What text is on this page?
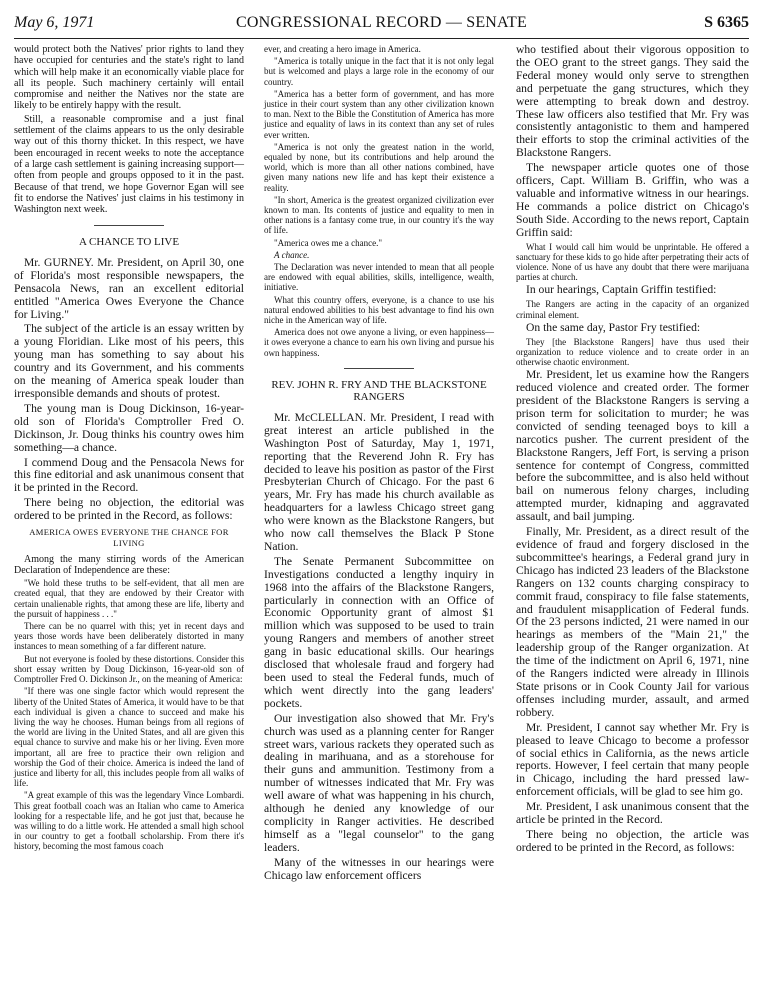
May 6, 1971	CONGRESSIONAL RECORD — SENATE	S 6365

would protect both the Natives' prior rights to land they have occupied for centuries and the state's right to land which will help make it an economically viable place for all its people. Such machinery certainly will entail compromise and neither the Natives nor the state are likely to be entirely happy with the result.

Still, a reasonable compromise and a just final settlement of the claims appears to us the only desirable way out of this thorny thicket. In this respect, we have been encouraged in recent weeks to note the acceptance of a large cash settlement is gaining increasing support—often from people and groups opposed to it in the past. Because of that trend, we hope Governor Egan will see fit to endorse the Natives' just claims in his testimony in Washington next week.

A CHANCE TO LIVE

Mr. GURNEY. Mr. President, on April 30, one of Florida's most responsible newspapers, the Pensacola News, ran an excellent editorial entitled "America Owes Everyone the Chance for Living."

The subject of the article is an essay written by a young Floridian. Like most of his peers, this young man has something to say about his country and its Government, and his comments on the meaning of America speak louder than irresponsible demands and shouts of protest.

The young man is Doug Dickinson, 16-year-old son of Florida's Comptroller Fred O. Dickinson, Jr. Doug thinks his country owes him something—a chance.

I commend Doug and the Pensacola News for this fine editorial and ask unanimous consent that it be printed in the Record.

There being no objection, the editorial was ordered to be printed in the Record, as follows:

AMERICA OWES EVERYONE THE CHANCE FOR LIVING

Among the many stirring words of the American Declaration of Independence are these:

"We hold these truths to be self-evident, that all men are created equal, that they are endowed by their Creator with certain unalienable rights, that among these are life, liberty and the pursuit of happiness . . ."

There can be no quarrel with this; yet in recent days and years those words have been deliberately distorted in many instances to mean something of a far different nature.

But not everyone is fooled by these distortions. Consider this short essay written by Doug Dickinson, 16-year-old son of Comptroller Fred O. Dickinson Jr., on the meaning of America:

"If there was one single factor which would represent the liberty of the United States of America, it would have to be that each individual is given a chance to succeed and make his living the way he chooses. Human beings from all regions of the world are living in the United States, and all are given this equal chance to survive and make his or her living. Even more important, all are free to practice their own religion and worship the God of their choice. America is indeed the land of justice and liberty for all, this includes people from all walks of life.

"A great example of this was the legendary Vince Lombardi. This great football coach was an Italian who came to America looking for a respectable life, and he got just that, because he was willing to do a little work. He attended a small high school in our country to get a football scholarship. From there it's history, becoming the most famous coach

ever, and creating a hero image in America.

"America is totally unique in the fact that it is not only legal but is welcomed and plays a large role in the economy of our country.

"America has a better form of government, and has more justice in their court system than any other civilization known to man. Next to the Bible the Constitution of America has more justice and equality of laws in its context than any set of rules ever written.

"America is not only the greatest nation in the world, equaled by none, but its contributions and help around the world, which is more than all other nations combined, have given many nations new life and has kept their existence a reality.

"In short, America is the greatest organized civilization ever known to man. Its contents of justice and equality to men in other nations is a fantasy come true, in our country it's the way of life.

"America owes me a chance."

A chance.

The Declaration was never intended to mean that all people are endowed with equal abilities, skills, intelligence, wealth, initiative.

What this country offers, everyone, is a chance to use his natural endowed abilities to his best advantage to find his own niche in the American way of life.

America does not owe anyone a living, or even happiness—it owes everyone a chance to earn his own living and pursue his own happiness.

REV. JOHN R. FRY AND THE BLACKSTONE RANGERS

Mr. McCLELLAN. Mr. President, I read with great interest an article published in the Washington Post of Saturday, May 1, 1971, reporting that the Reverend John R. Fry has decided to leave his position as pastor of the First Presbyterian Church of Chicago. For the past 6 years, Mr. Fry has made his church available as headquarters for a lawless Chicago street gang who were known as the Blackstone Rangers, but who now call themselves the Black P Stone Nation.

The Senate Permanent Subcommittee on Investigations conducted a lengthy inquiry in 1968 into the affairs of the Blackstone Rangers, particularly in connection with an Office of Economic Opportunity grant of almost $1 million which was supposed to be used to train young Rangers and members of another street gang in basic educational skills. Our hearings disclosed that wholesale fraud and forgery had been used to steal the Federal funds, much of which went directly into the gang leaders' pockets.

Our investigation also showed that Mr. Fry's church was used as a planning center for Ranger street wars, various rackets they operated such as dealing in marihuana, and as a storehouse for their guns and ammunition. Testimony from a number of witnesses indicated that Mr. Fry was well aware of what was happening in his church, although he denied any knowledge of our complicity in Ranger activities. He described himself as a "legal counselor" to the gang leaders.

Many of the witnesses in our hearings were Chicago law enforcement officers

who testified about their vigorous opposition to the OEO grant to the street gangs. They said the Federal money would only serve to strengthen and perpetuate the gang structures, which they were attempting to break down and destroy. These law officers also testified that Mr. Fry was consistently antagonistic to them and hampered their efforts to stop the criminal activities of the Blackstone Rangers.

The newspaper article quotes one of those officers, Capt. William B. Griffin, who was a valuable and informative witness in our hearings. He commands a police district on Chicago's South Side. According to the news report, Captain Griffin said:

What I would call him would be unprintable. He offered a sanctuary for these kids to go hide after perpetrating their acts of violence. None of us have any doubt that there were marijuana parties at church.

In our hearings, Captain Griffin testified:

The Rangers are acting in the capacity of an organized criminal element.

On the same day, Pastor Fry testified:

They [the Blackstone Rangers] have thus used their organization to reduce violence and to create order in an otherwise chaotic environment.

Mr. President, let us examine how the Rangers reduced violence and created order. The former president of the Blackstone Rangers is serving a prison term for solicitation to murder; he was convicted of sending teenaged boys to kill a narcotics pusher. The current president of the Blackstone Rangers, Jeff Fort, is serving a prison sentence for contempt of Congress, committed before the subcommittee, and is also held without bail on numerous felony charges, including attempted murder, kidnaping and aggravated assault, and bail jumping.

Finally, Mr. President, as a direct result of the evidence of fraud and forgery disclosed in the subcommittee's hearings, a Federal grand jury in Chicago has indicted 23 leaders of the Blackstone Rangers on 132 counts charging conspiracy to commit fraud, conspiracy to file false statements, and fraudulent misapplication of Federal funds. Of the 23 persons indicted, 21 were named in our hearings as members of the "Main 21," the leadership group of the Ranger organization. At the time of the indictment on April 6, 1971, nine of the Rangers indicted were already in Illinois State prisons or in Cook County Jail for various offenses including murder, assault, and armed robbery.

Mr. President, I cannot say whether Mr. Fry is pleased to leave Chicago to become a professor of social ethics in California, as the news article reports. However, I feel certain that many people in Chicago, including the hard pressed law-enforcement officials, will be glad to see him go.

Mr. President, I ask unanimous consent that the article be printed in the Record.

There being no objection, the article was ordered to be printed in the Record, as follows:
